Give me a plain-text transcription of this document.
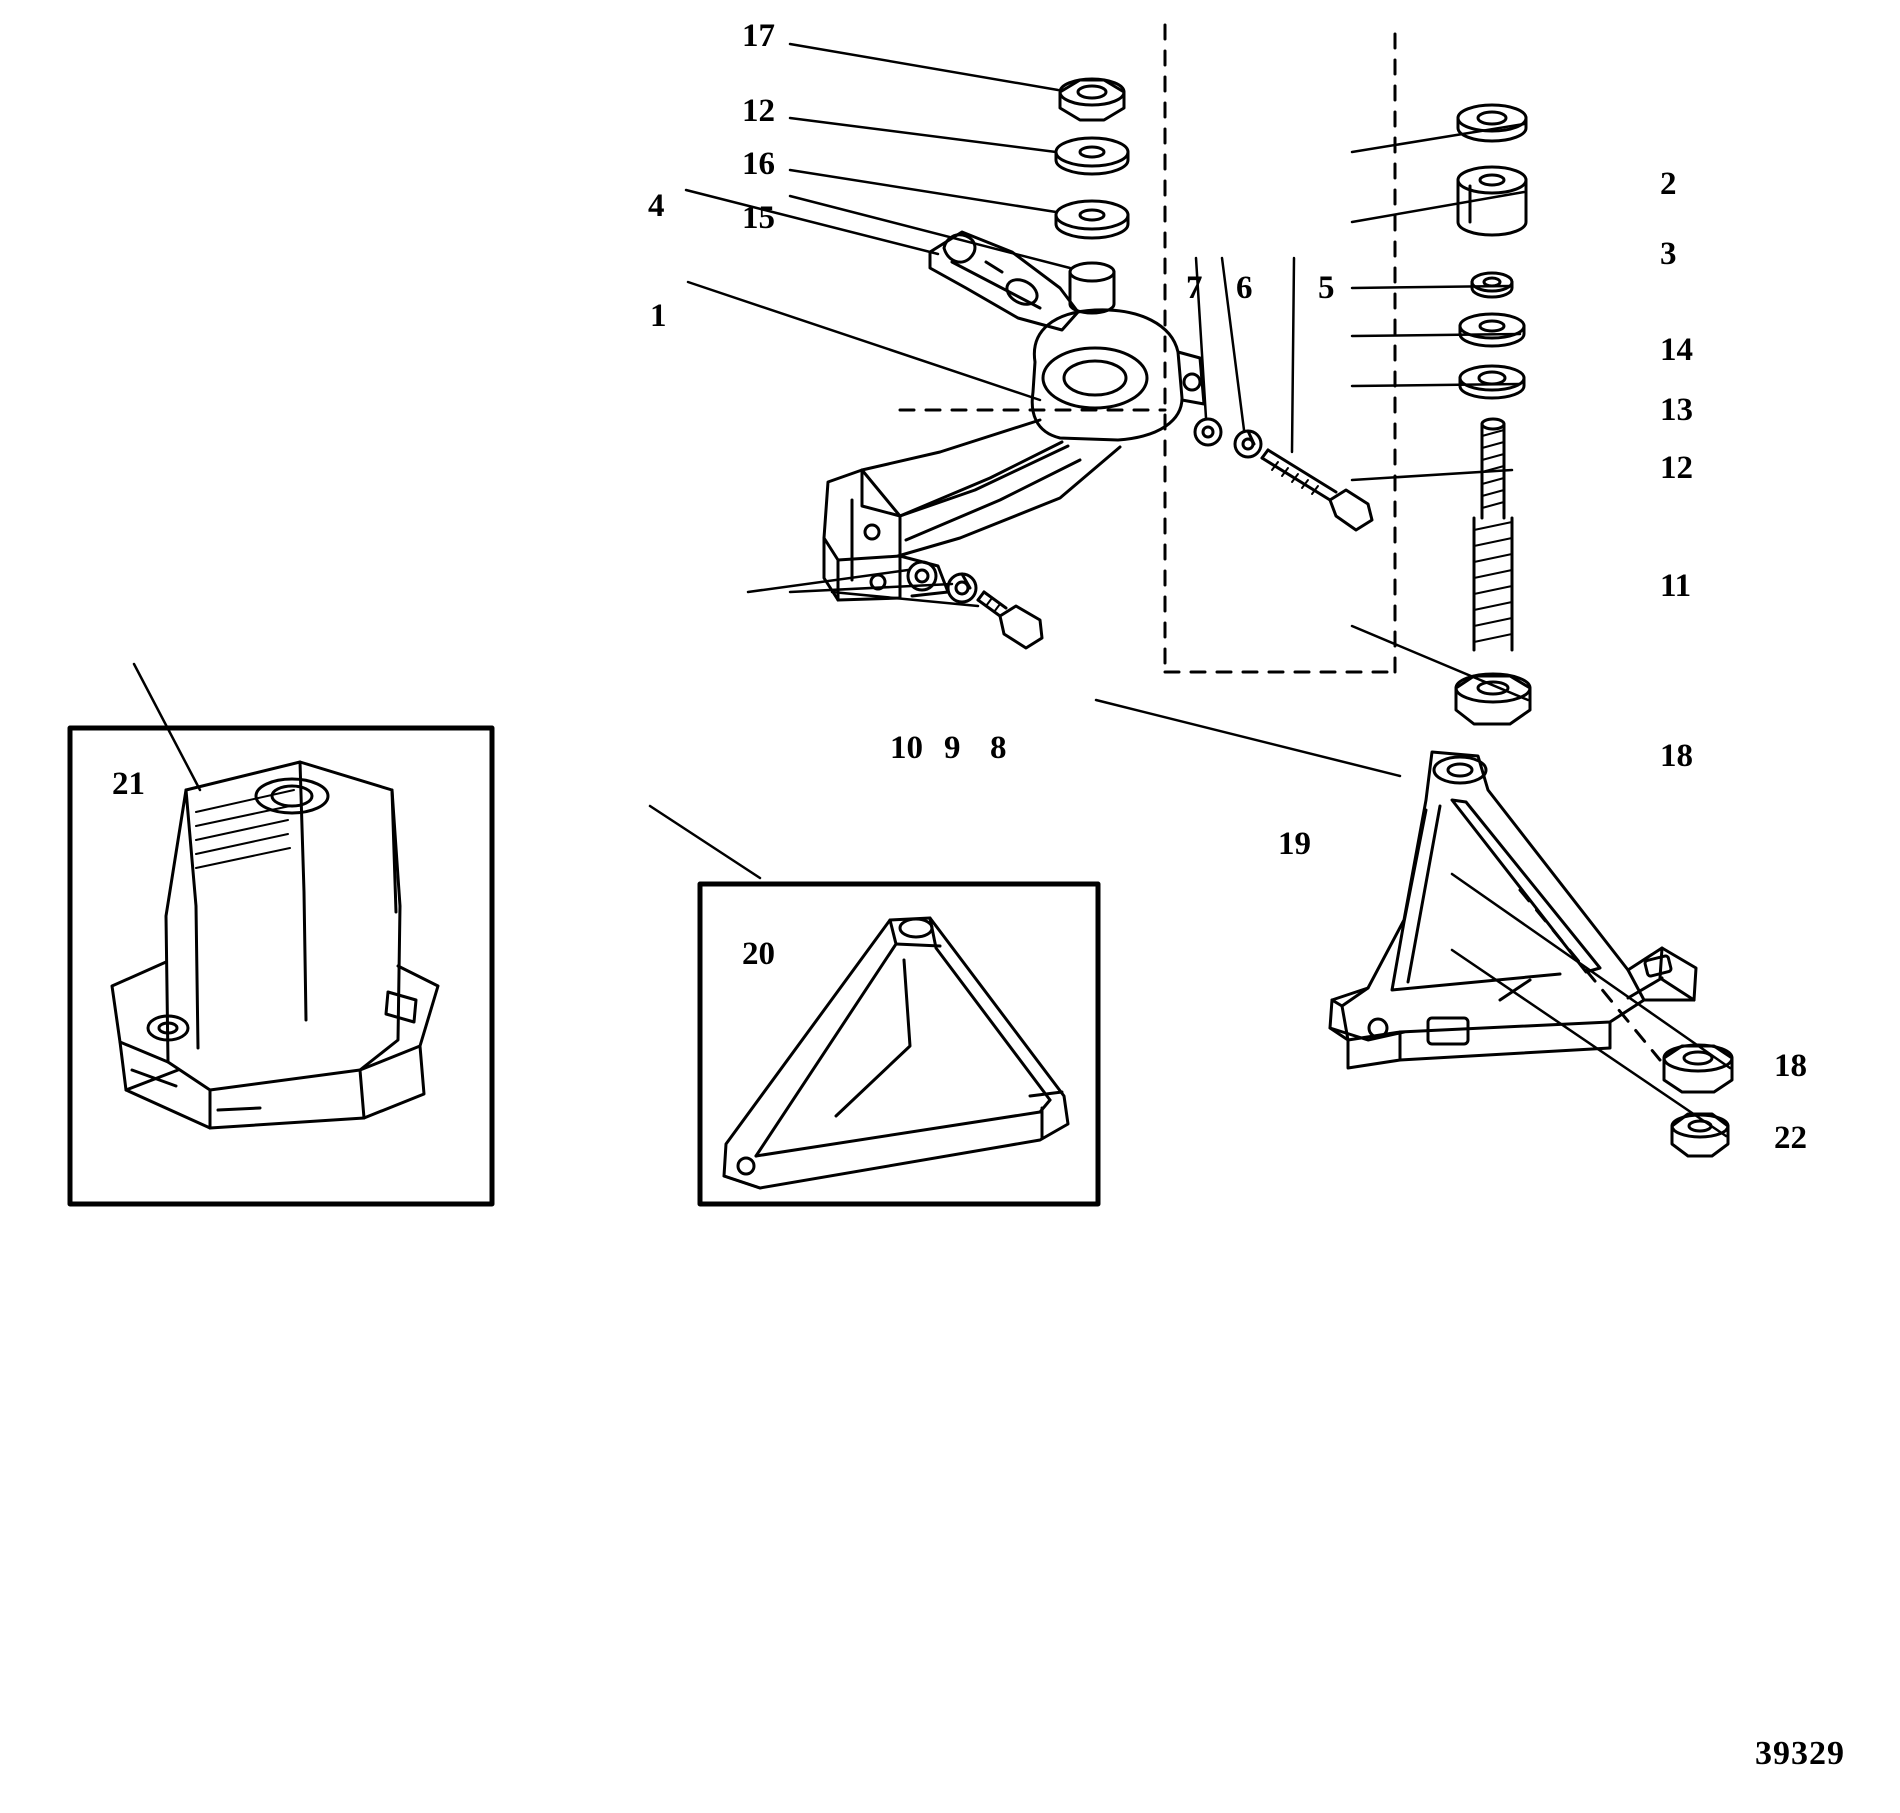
17
12
16
15
4
1
7 6 5
10 9 8
2
3
14
13
12
11
18
19
18
22
21
20
39329
